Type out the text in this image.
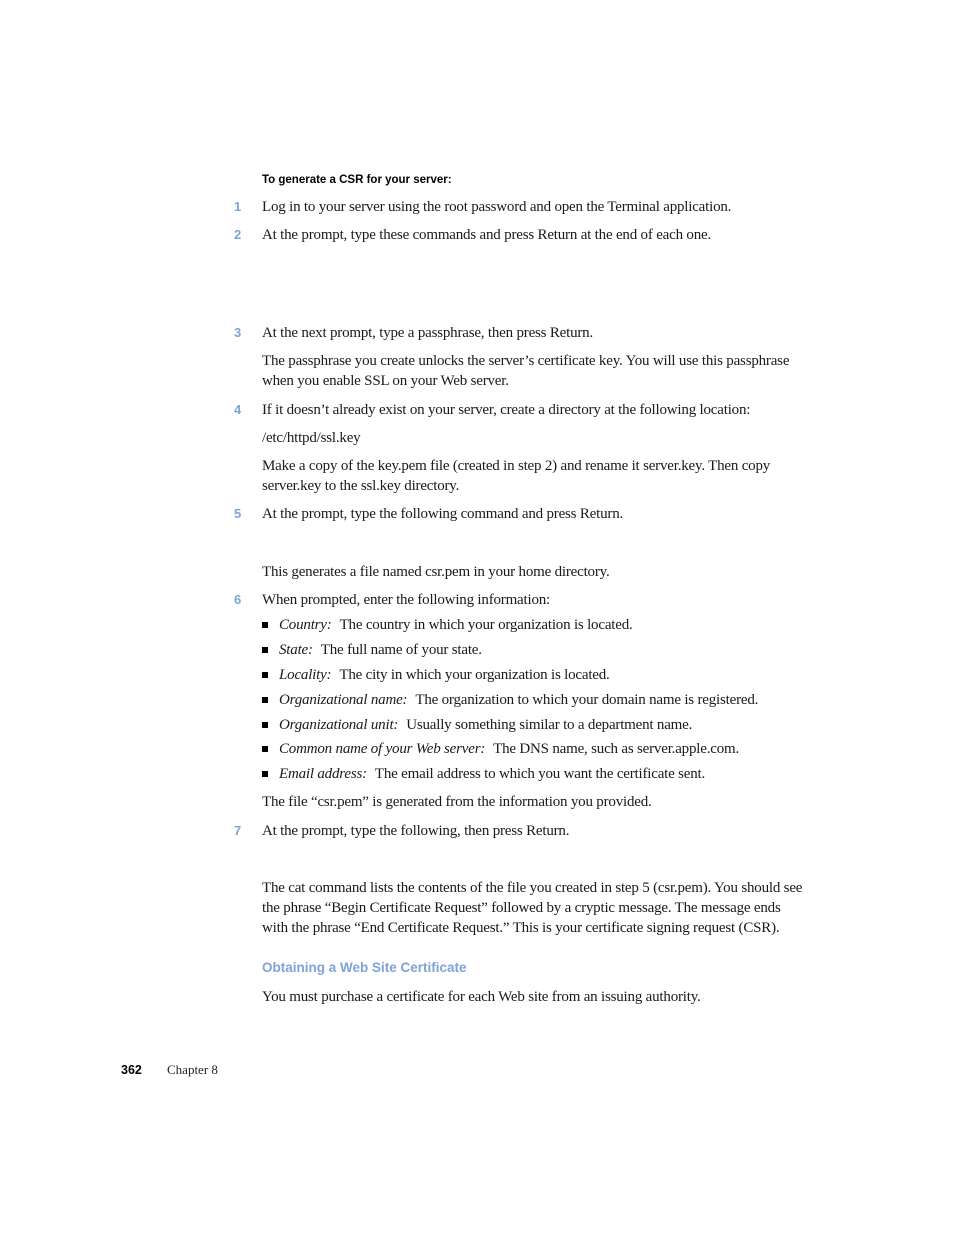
To generate a CSR for your server:
1	Log in to your server using the root password and open the Terminal application.
2	At the prompt, type these commands and press Return at the end of each one.
3	At the next prompt, type a passphrase, then press Return.
The passphrase you create unlocks the server’s certificate key. You will use this passphrase when you enable SSL on your Web server.
4	If it doesn’t already exist on your server, create a directory at the following location:
/etc/httpd/ssl.key
Make a copy of the key.pem file (created in step 2) and rename it server.key. Then copy server.key to the ssl.key directory.
5	At the prompt, type the following command and press Return.
This generates a file named csr.pem in your home directory.
6	When prompted, enter the following information:
Country: The country in which your organization is located.
State: The full name of your state.
Locality: The city in which your organization is located.
Organizational name: The organization to which your domain name is registered.
Organizational unit: Usually something similar to a department name.
Common name of your Web server: The DNS name, such as server.apple.com.
Email address: The email address to which you want the certificate sent.
The file “csr.pem” is generated from the information you provided.
7	At the prompt, type the following, then press Return.
The cat command lists the contents of the file you created in step 5 (csr.pem). You should see the phrase “Begin Certificate Request” followed by a cryptic message. The message ends with the phrase “End Certificate Request.” This is your certificate signing request (CSR).
Obtaining a Web Site Certificate
You must purchase a certificate for each Web site from an issuing authority.
362 Chapter 8
